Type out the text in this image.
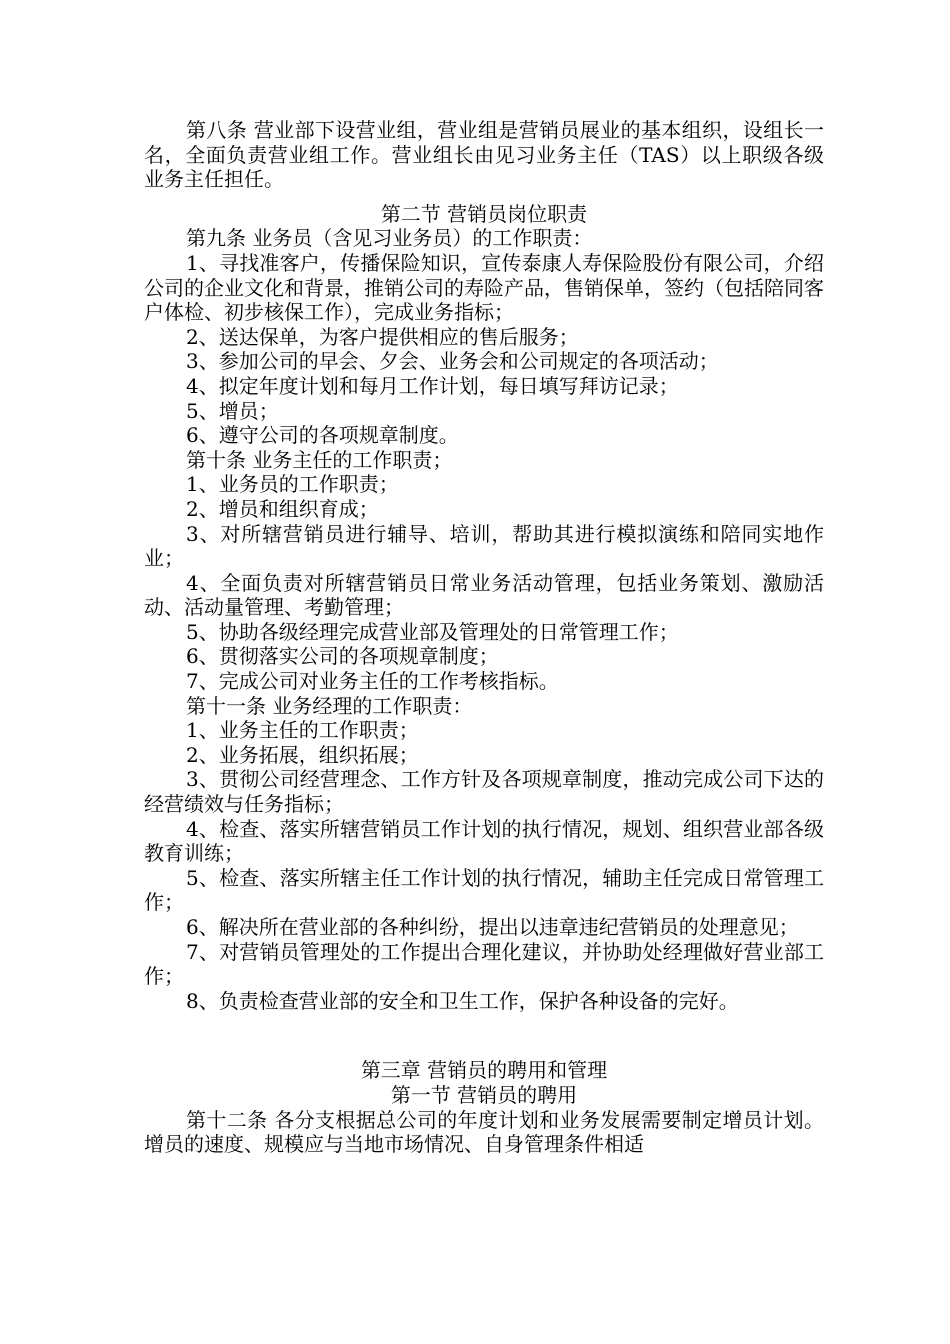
第八条 营业部下设营业组，营业组是营销员展业的基本组织，设组长一名，全面负责营业组工作。营业组长由见习业务主任（TAS）以上职级各级业务主任担任。

第二节 营销员岗位职责

第九条 业务员（含见习业务员）的工作职责：

1、寻找准客户，传播保险知识，宣传泰康人寿保险股份有限公司，介绍公司的企业文化和背景，推销公司的寿险产品，售销保单，签约（包括陪同客户体检、初步核保工作），完成业务指标；

2、送达保单，为客户提供相应的售后服务；

3、参加公司的早会、夕会、业务会和公司规定的各项活动；

4、拟定年度计划和每月工作计划，每日填写拜访记录；

5、增员；

6、遵守公司的各项规章制度。

第十条 业务主任的工作职责；

1、业务员的工作职责；

2、增员和组织育成；

3、对所辖营销员进行辅导、培训，帮助其进行模拟演练和陪同实地作业；

4、全面负责对所辖营销员日常业务活动管理，包括业务策划、激励活动、活动量管理、考勤管理；

5、协助各级经理完成营业部及管理处的日常管理工作；

6、贯彻落实公司的各项规章制度；

7、完成公司对业务主任的工作考核指标。

第十一条 业务经理的工作职责：

1、业务主任的工作职责；

2、业务拓展，组织拓展；

3、贯彻公司经营理念、工作方针及各项规章制度，推动完成公司下达的经营绩效与任务指标；

4、检查、落实所辖营销员工作计划的执行情况，规划、组织营业部各级教育训练；

5、检查、落实所辖主任工作计划的执行情况，辅助主任完成日常管理工作；

6、解决所在营业部的各种纠纷，提出以违章违纪营销员的处理意见；

7、对营销员管理处的工作提出合理化建议，并协助处经理做好营业部工作；

8、负责检查营业部的安全和卫生工作，保护各种设备的完好。

第三章 营销员的聘用和管理

第一节 营销员的聘用

第十二条 各分支根据总公司的年度计划和业务发展需要制定增员计划。增员的速度、规模应与当地市场情况、自身管理条件相适
